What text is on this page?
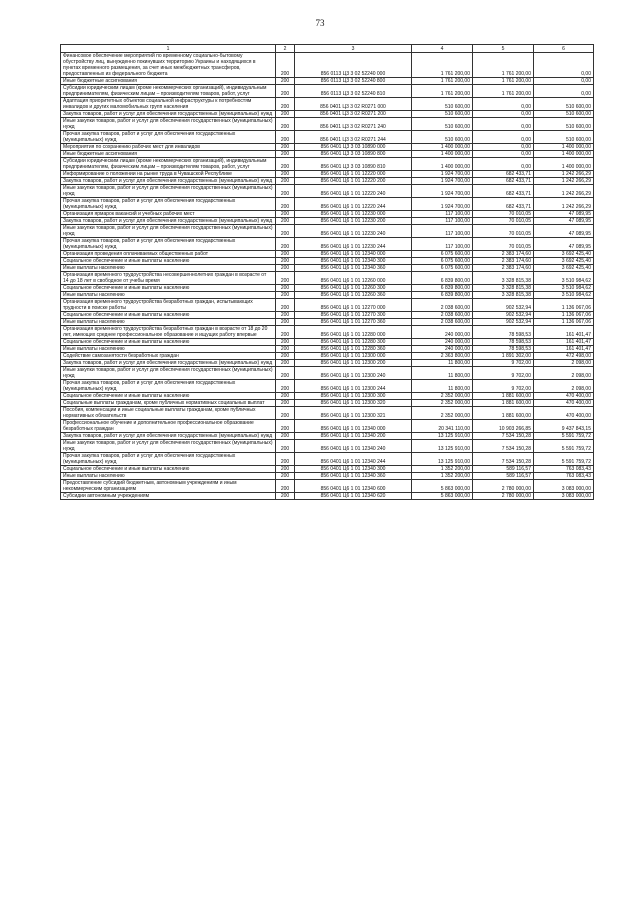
73
1	2	3	4	5	6
Финансовое обеспечение мероприятий по временному социально-бытовому обустройству лиц, вынужденно покинувших территорию Украины и находящихся в пунктах временного размещения, за счет иных межбюджетных трансферов, предоставленных из федерального бюджета	200	856 0113 Ц3 3 02 52240 000	1 761 200,00	1 761 200,00	0,00
Иные бюджетные ассигнования	200	856 0113 Ц3 3 02 52240 800	1 761 200,00	1 761 200,00	0,00
Субсидии юридическим лицам (кроме некоммерческих организаций), индивидуальным предпринимателям, физическим лицам – производителям товаров, работ, услуг	200	856 0113 Ц3 3 02 52240 810	1 761 200,00	1 761 200,00	0,00
Адаптация приоритетных объектов социальной инфраструктуры к потребностям инвалидов и других маломобильных групп населения	200	856 0401 Ц3 3 02 R0271 000	510 600,00	0,00	510 600,00
Закупка товаров, работ и услуг для обеспечения государственных (муниципальных) нужд	200	856 0401 Ц3 3 02 R0271 200	510 600,00	0,00	510 600,00
Иные закупки товаров, работ и услуг для обеспечения государственных (муниципальных) нужд	200	856 0401 Ц3 3 02 R0271 240	510 600,00	0,00	510 600,00
Прочая закупка товаров, работ и услуг для обеспечения государственных (муниципальных) нужд	200	856 0401 Ц3 3 02 R0271 244	510 600,00	0,00	510 600,00
Мероприятия по сохранению рабочих мест для инвалидов	200	856 0401 Ц3 3 03 10890 000	1 400 000,00	0,00	1 400 000,00
Иные бюджетные ассигнования	200	856 0401 Ц3 3 03 10890 800	1 400 000,00	0,00	1 400 000,00
Субсидии юридическим лицам (кроме некоммерческих организаций), индивидуальным предпринимателям, физическим лицам – производителям товаров, работ, услуг	200	856 0401 Ц3 3 03 10890 810	1 400 000,00	0,00	1 400 000,00
Информирование о положении на рынке труда в Чувашской Республике	200	856 0401 Ц6 1 01 12220 000	1 924 700,00	682 433,71	1 242 266,29
Закупка товаров, работ и услуг для обеспечения государственных (муниципальных) нужд	200	856 0401 Ц6 1 01 12220 200	1 924 700,00	682 433,71	1 242 266,29
Иные закупки товаров, работ и услуг для обеспечения государственных (муниципальных) нужд	200	856 0401 Ц6 1 01 12220 240	1 924 700,00	682 433,71	1 242 266,29
Прочая закупка товаров, работ и услуг для обеспечения государственных (муниципальных) нужд	200	856 0401 Ц6 1 01 12220 244	1 924 700,00	682 433,71	1 242 266,29
Организация ярмарок вакансий и учебных рабочих мест	200	856 0401 Ц6 1 01 12230 000	117 100,00	70 010,05	47 089,95
Закупка товаров, работ и услуг для обеспечения государственных (муниципальных) нужд	200	856 0401 Ц6 1 01 12230 200	117 100,00	70 010,05	47 089,95
Иные закупки товаров, работ и услуг для обеспечения государственных (муниципальных) нужд	200	856 0401 Ц6 1 01 12230 240	117 100,00	70 010,05	47 089,95
Прочая закупка товаров, работ и услуг для обеспечения государственных (муниципальных) нужд	200	856 0401 Ц6 1 01 12230 244	117 100,00	70 010,05	47 089,95
Организация проведения оплачиваемых общественных работ	200	856 0401 Ц6 1 01 12340 000	6 075 600,00	2 383 174,60	3 692 425,40
Социальное обеспечение и иные выплаты населению	200	856 0401 Ц6 1 01 12340 300	6 075 600,00	2 383 174,60	3 692 425,40
Иные выплаты населению	200	856 0401 Ц6 1 01 12340 360	6 075 600,00	2 383 174,60	3 692 425,40
Организация временного трудоустройства несовершеннолетних граждан в возрасте от 14 до 18 лет в свободное от учебы время	200	856 0401 Ц6 1 01 12260 000	6 839 800,00	3 328 815,38	3 510 984,62
Социальное обеспечение и иные выплаты населению	200	856 0401 Ц6 1 01 12260 300	6 839 800,00	3 328 815,38	3 510 984,62
Иные выплаты населению	200	856 0401 Ц6 1 01 12260 360	6 839 800,00	3 328 815,38	3 510 984,62
Организация временного трудоустройства безработных граждан, испытывающих трудности в поиске работы	200	856 0401 Ц6 1 01 12270 000	2 038 600,00	902 532,94	1 136 067,06
Социальное обеспечение и иные выплаты населению	200	856 0401 Ц6 1 01 12270 300	2 038 600,00	902 532,94	1 136 067,06
Иные выплаты населению	200	856 0401 Ц6 1 01 12270 360	2 038 600,00	902 532,94	1 136 067,06
Организация временного трудоустройства безработных граждан в возрасте от 18 до 20 лет, имеющих среднее профессиональное образование и ищущих работу впервые	200	856 0401 Ц6 1 01 12280 000	240 000,00	78 598,53	161 401,47
Социальное обеспечение и иные выплаты населению	200	856 0401 Ц6 1 01 12280 300	240 000,00	78 598,53	161 401,47
Иные выплаты населению	200	856 0401 Ц6 1 01 12280 360	240 000,00	78 598,53	161 401,47
Содействие самозанятости безработных граждан	200	856 0401 Ц6 1 01 12300 000	2 363 800,00	1 891 302,00	472 498,00
Закупка товаров, работ и услуг для обеспечения государственных (муниципальных) нужд	200	856 0401 Ц6 1 01 12300 200	11 800,00	9 702,00	2 098,00
Иные закупки товаров, работ и услуг для обеспечения государственных (муниципальных) нужд	200	856 0401 Ц6 1 01 12300 240	11 800,00	9 702,00	2 098,00
Прочая закупка товаров, работ и услуг для обеспечения государственных (муниципальных) нужд	200	856 0401 Ц6 1 01 12300 244	11 800,00	9 702,00	2 098,00
Социальное обеспечение и иные выплаты населению	200	856 0401 Ц6 1 01 12300 300	2 352 000,00	1 881 600,00	470 400,00
Социальные выплаты гражданам, кроме публичных нормативных социальных выплат	200	856 0401 Ц6 1 01 12300 320	2 352 000,00	1 881 600,00	470 400,00
Пособия, компенсации и иные социальные выплаты гражданам, кроме публичных нормативных обязательств	200	856 0401 Ц6 1 01 12300 321	2 352 000,00	1 881 600,00	470 400,00
Профессиональное обучение и дополнительное профессиональное образование безработных граждан	200	856 0401 Ц6 1 01 12340 000	20 341 110,00	10 903 266,85	9 437 843,15
Закупка товаров, работ и услуг для обеспечения государственных (муниципальных) нужд	200	856 0401 Ц6 1 01 12340 200	13 125 910,00	7 534 150,28	5 591 759,72
Иные закупки товаров, работ и услуг для обеспечения государственных (муниципальных) нужд	200	856 0401 Ц6 1 01 12340 240	13 125 910,00	7 534 150,28	5 591 759,72
Прочая закупка товаров, работ и услуг для обеспечения государственных (муниципальных) нужд	200	856 0401 Ц6 1 01 12340 244	13 125 910,00	7 534 150,28	5 591 759,72
Социальное обеспечение и иные выплаты населению	200	856 0401 Ц6 1 01 12340 300	1 352 200,00	589 116,57	763 083,43
Иные выплаты населению	200	856 0401 Ц6 1 01 12340 360	1 352 200,00	589 116,57	763 083,43
Предоставление субсидий бюджетным, автономным учреждениям и иным некоммерческим организациям	200	856 0401 Ц6 1 01 12340 600	5 863 000,00	2 780 000,00	3 083 000,00
Субсидии автономным учреждениям	200	856 0401 Ц6 1 01 12340 620	5 863 000,00	2 780 000,00	3 083 000,00
